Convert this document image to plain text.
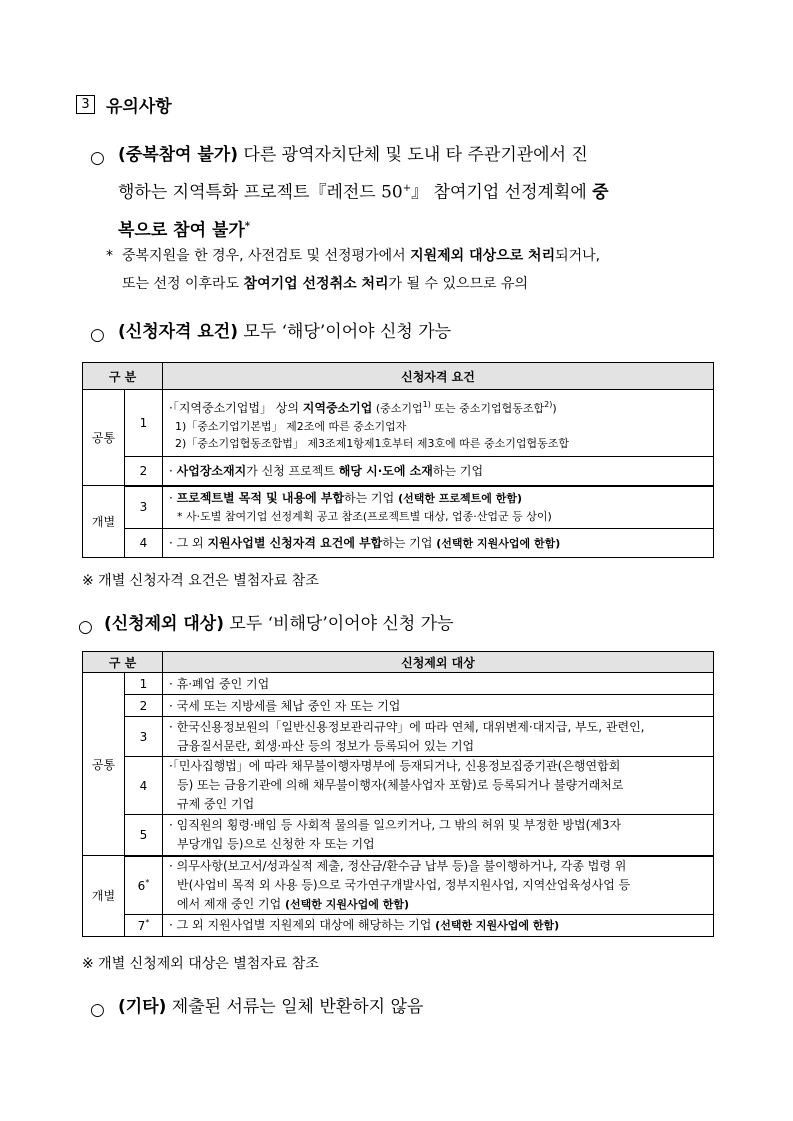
3 유의사항
○ (중복참여 불가) 다른 광역자치단체 및 도내 타 주관기관에서 진
행하는 지역특화 프로젝트『레전드 50+』 참여기업 선정계획에 중
복으로 참여 불가*
* 중복지원을 한 경우, 사전검토 및 선정평가에서 지원제외 대상으로 처리되거나,
또는 선정 이후라도 참여기업 선정취소 처리가 될 수 있으므로 유의
○ (신청자격 요건) 모두 ‘해당’이어야 신청 가능
구 분		신청자격 요건
공통	1	·「지역중소기업법」 상의 지역중소기업 (중소기업$^{1)}$ 또는 중소기업협동조합$^{2)}$)
1)「중소기업기본법」 제2조에 따른 중소기업자
2)「중소기업협동조합법」 제3조제1항제1호부터 제3호에 따른 중소기업협동조합

	2	· 사업장소재지가 신청 프로젝트 해당 시·도에 소재하는 기업
개별	3	· 프로젝트별 목적 및 내용에 부합하는 기업 (선택한 프로젝트에 한함)
* 사·도별 참여기업 선정계획 공고 참조(프로젝트별 대상, 업종·산업군 등 상이)

	4	· 그 외 지원사업별 신청자격 요건에 부합하는 기업 (선택한 지원사업에 한함)
※ 개별 신청자격 요건은 별첨자료 참조
○ (신청제외 대상) 모두 ‘비해당’이어야 신청 가능
구 분		신청제외 대상
공통	1	· 휴·폐업 중인 기업
	2	· 국세 또는 지방세를 체납 중인 자 또는 기업
	3	· 한국신용정보원의「일반신용정보관리규약」에 따라 연체, 대위변제·대지급, 부도, 관련인,
금융질서문란, 회생·파산 등의 정보가 등록되어 있는 기업

	4	·「민사집행법」에 따라 채무불이행자명부에 등재되거나, 신용정보집중기관(은행연합회
등) 또는 금융기관에 의해 채무불이행자(체불사업자 포함)로 등록되거나 불량거래처로
규제 중인 기업

	5	· 임직원의 횡령·배임 등 사회적 물의를 일으키거나, 그 밖의 허위 및 부정한 방법(제3자
부당개입 등)으로 신청한 자 또는 기업

개별	6*	· 의무사항(보고서/성과실적 제출, 정산금/환수금 납부 등)을 불이행하거나, 각종 법령 위
반(사업비 목적 외 사용 등)으로 국가연구개발사업, 정부지원사업, 지역산업육성사업 등
에서 제재 중인 기업 (선택한 지원사업에 한함)

	7*	· 그 외 지원사업별 지원제외 대상에 해당하는 기업 (선택한 지원사업에 한함)
※ 개별 신청제외 대상은 별첨자료 참조
○ (기타) 제출된 서류는 일체 반환하지 않음
